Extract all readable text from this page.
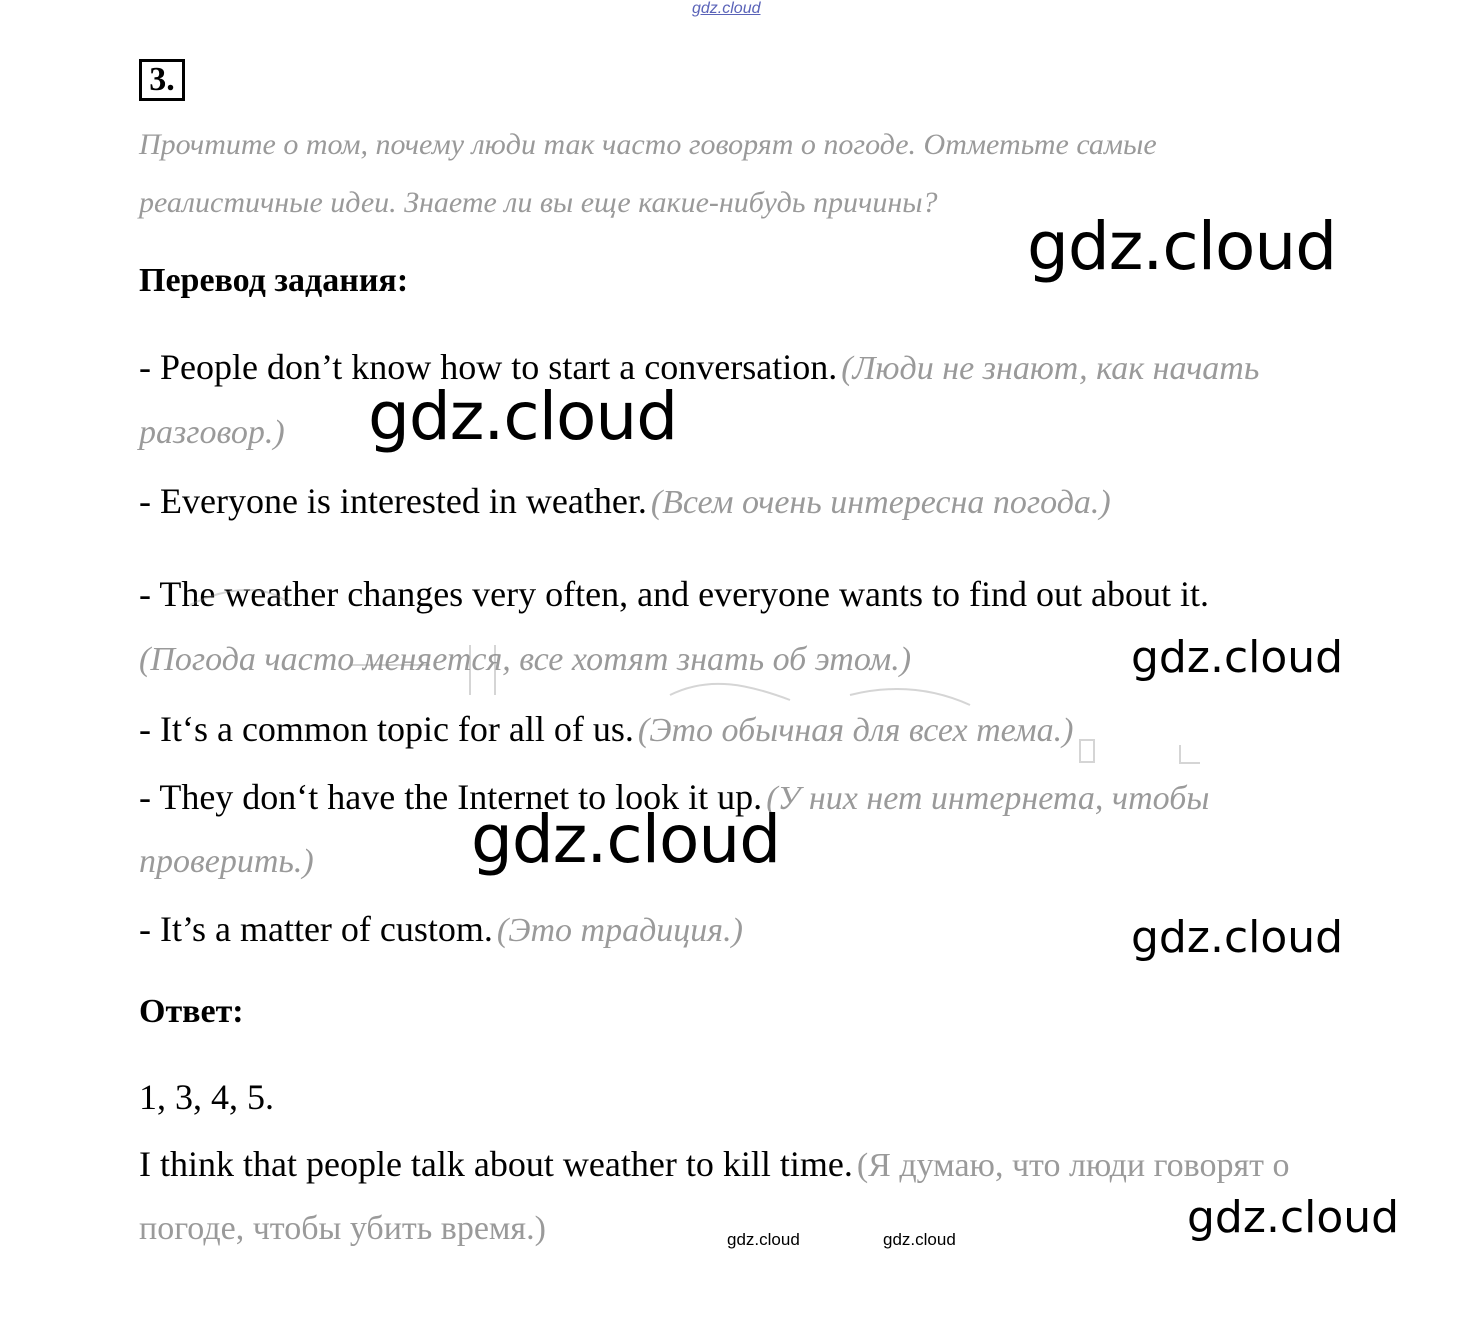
gdz.cloud
3.
Прочтите о том, почему люди так часто говорят о погоде. Отметьте самые
реалистичные идеи. Знаете ли вы еще какие-нибудь причины?
Перевод задания:
- People don’t know how to start a conversation. (Люди не знают, как начать
разговор.)
- Everyone is interested in weather. (Всем очень интересна погода.)
- The weather changes very often, and everyone wants to find out about it.
(Погода часто меняется, все хотят знать об этом.)
- It‘s a common topic for all of us. (Это обычная для всех тема.)
- They don‘t have the Internet to look it up. (У них нет интернета, чтобы
проверить.)
- It’s a matter of custom. (Это традиция.)
Ответ:
1, 3, 4, 5.
I think that people talk about weather to kill time. (Я думаю, что люди говорят о
погоде, чтобы убить время.)
gdz.cloud
gdz.cloud
gdz.cloud
gdz.cloud
gdz.cloud
gdz.cloud
gdz.cloud	gdz.cloud
